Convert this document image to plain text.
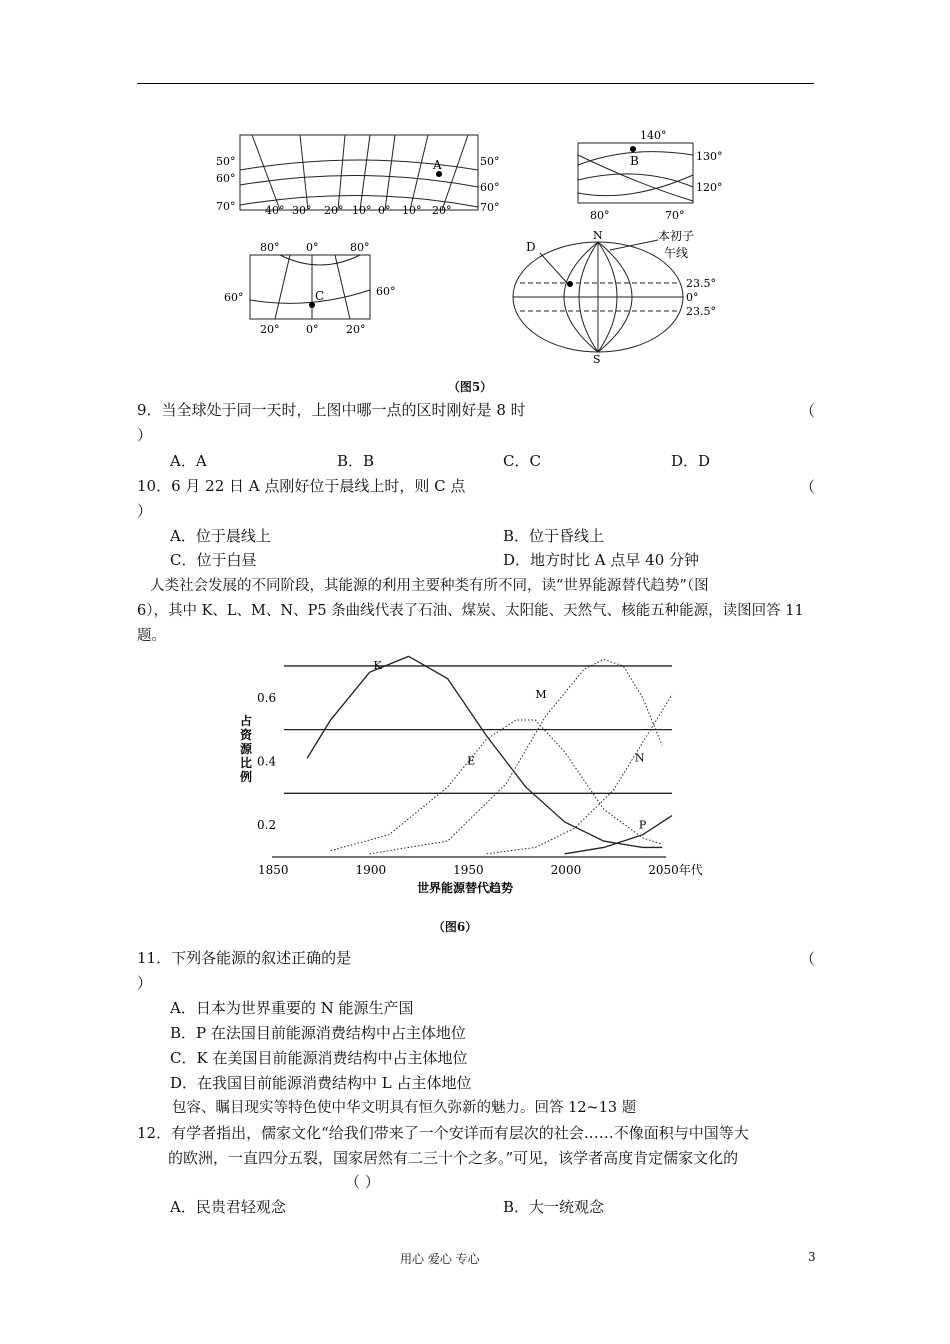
A
50°
60°
70°
50°
60°
70°
40° 30° 20° 10° 0° 10° 20°
B
140°
130°
120°
80°	70°
C
80° 0°	80°
60°	60°
20° 0°	20°
D
N
S
本初子
午线
23.5°
0°
23.5°
（图5）
9．当全球处于同一天时，上图中哪一点的区时刚好是 8 时	（
）
A．A	B．B	C．C	D．D
10．6 月 22 日 A 点刚好位于晨线上时，则 C 点	（
）
A．位于晨线上	B．位于昏线上
C．位于白昼	D．地方时比 A 点早 40 分钟
人类社会发展的不同阶段，其能源的利用主要种类有所不同，读“世界能源替代趋势”（图
6），其中 K、L、M、N、P5 条曲线代表了石油、煤炭、太阳能、天然气、核能五种能源，读图回答 11
题。
0.2
0.4
0.6
1850	1900	1950	2000	2050年代
占
资
源
比
例
世界能源替代趋势
K
E
M
N
P
（图6）
11．下列各能源的叙述正确的是	（
）
A．日本为世界重要的 N 能源生产国
B．P 在法国目前能源消费结构中占主体地位
C．K 在美国目前能源消费结构中占主体地位
D．在我国目前能源消费结构中 L 占主体地位
包容、瞩目现实等特色使中华文明具有恒久弥新的魅力。回答 12~13 题
12．有学者指出，儒家文化“给我们带来了一个安详而有层次的社会……不像面积与中国等大
的欧洲，一直四分五裂，国家居然有二三十个之多。”可见，该学者高度肯定儒家文化的
（ ）
A．民贵君轻观念	B．大一统观念
用心 爱心 专心	3
